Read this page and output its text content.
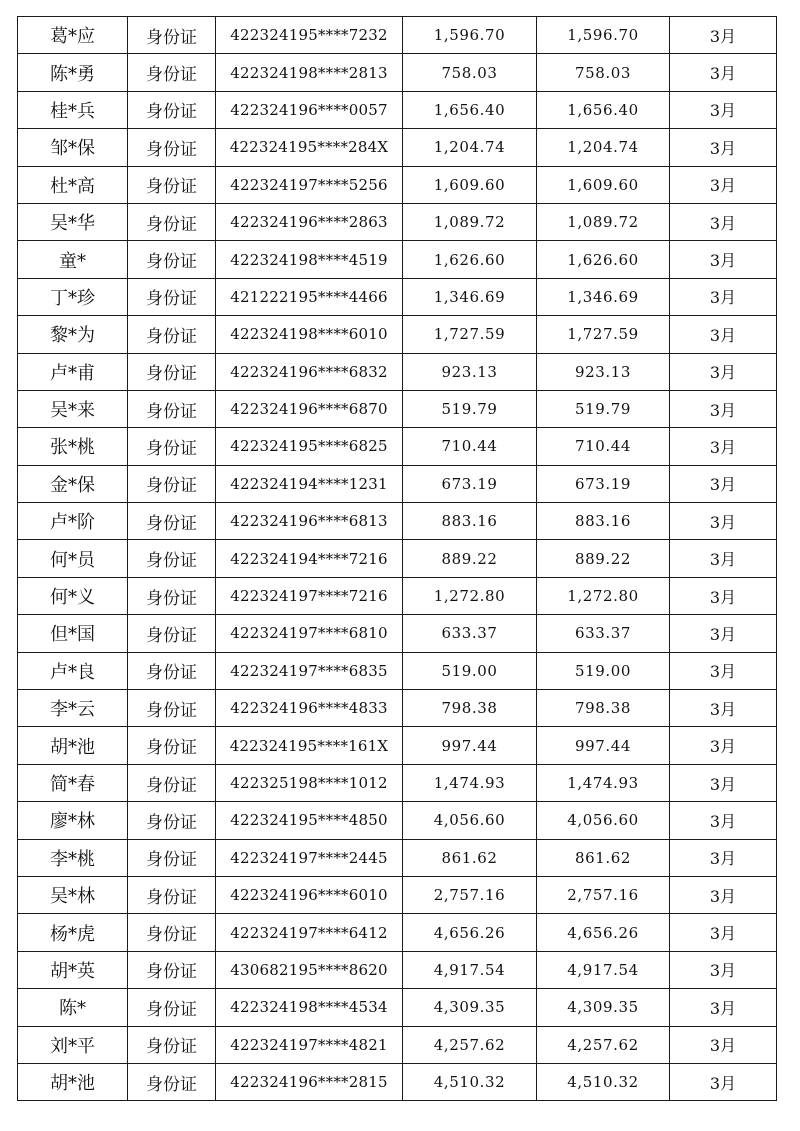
葛*应	身份证	422324195****7232	1,596.70	1,596.70	3月
陈*勇	身份证	422324198****2813	758.03	758.03	3月
桂*兵	身份证	422324196****0057	1,656.40	1,656.40	3月
邹*保	身份证	422324195****284X	1,204.74	1,204.74	3月
杜*高	身份证	422324197****5256	1,609.60	1,609.60	3月
吴*华	身份证	422324196****2863	1,089.72	1,089.72	3月
童*	身份证	422324198****4519	1,626.60	1,626.60	3月
丁*珍	身份证	421222195****4466	1,346.69	1,346.69	3月
黎*为	身份证	422324198****6010	1,727.59	1,727.59	3月
卢*甫	身份证	422324196****6832	923.13	923.13	3月
吴*来	身份证	422324196****6870	519.79	519.79	3月
张*桃	身份证	422324195****6825	710.44	710.44	3月
金*保	身份证	422324194****1231	673.19	673.19	3月
卢*阶	身份证	422324196****6813	883.16	883.16	3月
何*员	身份证	422324194****7216	889.22	889.22	3月
何*义	身份证	422324197****7216	1,272.80	1,272.80	3月
但*国	身份证	422324197****6810	633.37	633.37	3月
卢*良	身份证	422324197****6835	519.00	519.00	3月
李*云	身份证	422324196****4833	798.38	798.38	3月
胡*池	身份证	422324195****161X	997.44	997.44	3月
简*春	身份证	422325198****1012	1,474.93	1,474.93	3月
廖*林	身份证	422324195****4850	4,056.60	4,056.60	3月
李*桃	身份证	422324197****2445	861.62	861.62	3月
吴*林	身份证	422324196****6010	2,757.16	2,757.16	3月
杨*虎	身份证	422324197****6412	4,656.26	4,656.26	3月
胡*英	身份证	430682195****8620	4,917.54	4,917.54	3月
陈*	身份证	422324198****4534	4,309.35	4,309.35	3月
刘*平	身份证	422324197****4821	4,257.62	4,257.62	3月
胡*池	身份证	422324196****2815	4,510.32	4,510.32	3月
